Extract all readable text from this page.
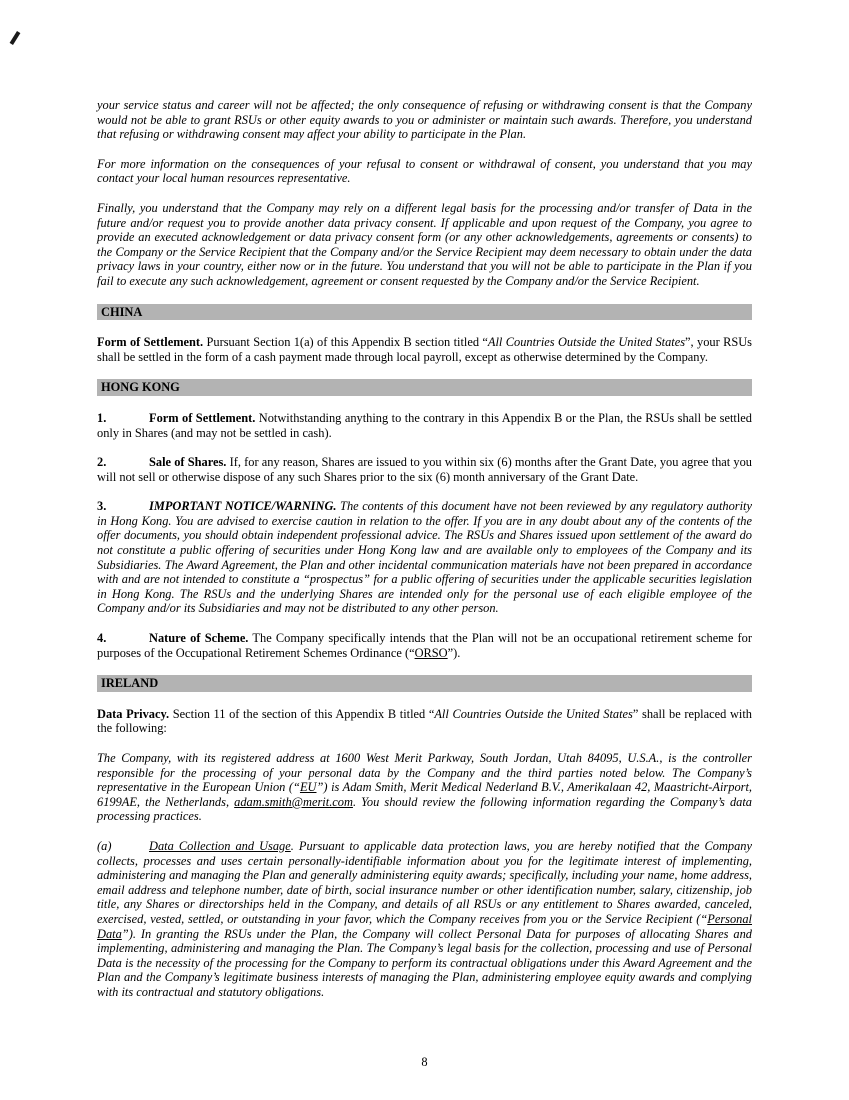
your service status and career will not be affected; the only consequence of refusing or withdrawing consent is that the Company would not be able to grant RSUs or other equity awards to you or administer or maintain such awards. Therefore, you understand that refusing or withdrawing consent may affect your ability to participate in the Plan.

For more information on the consequences of your refusal to consent or withdrawal of consent, you understand that you may contact your local human resources representative.

Finally, you understand that the Company may rely on a different legal basis for the processing and/or transfer of Data in the future and/or request you to provide another data privacy consent. If applicable and upon request of the Company, you agree to provide an executed acknowledgement or data privacy consent form (or any other acknowledgements, agreements or consents) to the Company or the Service Recipient that the Company and/or the Service Recipient may deem necessary to obtain under the data privacy laws in your country, either now or in the future. You understand that you will not be able to participate in the Plan if you fail to execute any such acknowledgement, agreement or consent requested by the Company and/or the Service Recipient.

CHINA

Form of Settlement. Pursuant Section 1(a) of this Appendix B section titled “All Countries Outside the United States”, your RSUs shall be settled in the form of a cash payment made through local payroll, except as otherwise determined by the Company.

HONG KONG

1.	Form of Settlement. Notwithstanding anything to the contrary in this Appendix B or the Plan, the RSUs shall be settled only in Shares (and may not be settled in cash).

2.	Sale of Shares. If, for any reason, Shares are issued to you within six (6) months after the Grant Date, you agree that you will not sell or otherwise dispose of any such Shares prior to the six (6) month anniversary of the Grant Date.

3.	IMPORTANT NOTICE/WARNING. The contents of this document have not been reviewed by any regulatory authority in Hong Kong. You are advised to exercise caution in relation to the offer. If you are in any doubt about any of the contents of the offer documents, you should obtain independent professional advice. The RSUs and Shares issued upon settlement of the award do not constitute a public offering of securities under Hong Kong law and are available only to employees of the Company and its Subsidiaries. The Award Agreement, the Plan and other incidental communication materials have not been prepared in accordance with and are not intended to constitute a “prospectus” for a public offering of securities under the applicable securities legislation in Hong Kong. The RSUs and the underlying Shares are intended only for the personal use of each eligible employee of the Company and/or its Subsidiaries and may not be distributed to any other person.

4.	Nature of Scheme. The Company specifically intends that the Plan will not be an occupational retirement scheme for purposes of the Occupational Retirement Schemes Ordinance (“ORSO”).

IRELAND

Data Privacy. Section 11 of the section of this Appendix B titled “All Countries Outside the United States” shall be replaced with the following:

The Company, with its registered address at 1600 West Merit Parkway, South Jordan, Utah 84095, U.S.A., is the controller responsible for the processing of your personal data by the Company and the third parties noted below. The Company’s representative in the European Union (“EU”) is Adam Smith, Merit Medical Nederland B.V., Amerikalaan 42, Maastricht-Airport, 6199AE, the Netherlands, adam.smith@merit.com. You should review the following information regarding the Company’s data processing practices.

(a)	Data Collection and Usage. Pursuant to applicable data protection laws, you are hereby notified that the Company collects, processes and uses certain personally-identifiable information about you for the legitimate interest of implementing, administering and managing the Plan and generally administering equity awards; specifically, including your name, home address, email address and telephone number, date of birth, social insurance number or other identification number, salary, citizenship, job title, any Shares or directorships held in the Company, and details of all RSUs or any entitlement to Shares awarded, canceled, exercised, vested, settled, or outstanding in your favor, which the Company receives from you or the Service Recipient (“Personal Data”). In granting the RSUs under the Plan, the Company will collect Personal Data for purposes of allocating Shares and implementing, administering and managing the Plan. The Company’s legal basis for the collection, processing and use of Personal Data is the necessity of the processing for the Company to perform its contractual obligations under this Award Agreement and the Plan and the Company’s legitimate business interests of managing the Plan, administering employee equity awards and complying with its contractual and statutory obligations.

8
